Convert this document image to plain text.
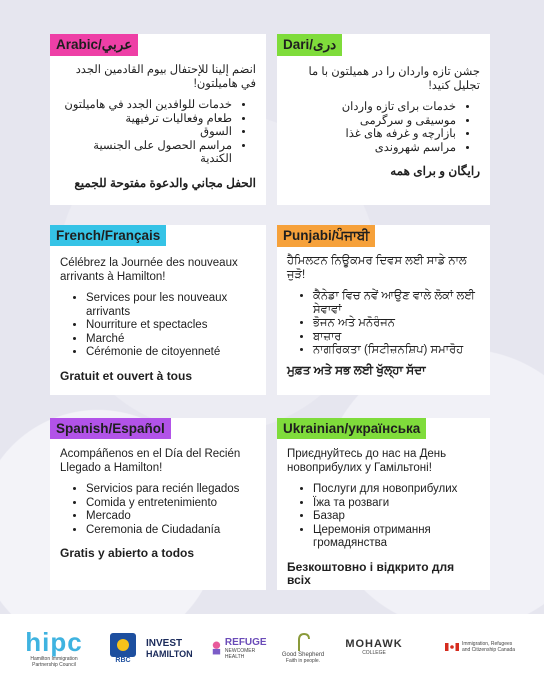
Arabic/عربي

انضم إلينا للإحتفال بيوم القادمين الجدد في هاميلتون!

• خدمات للوافدين الجدد في هاميلتون
• طعام وفعاليات ترفيهية
• السوق
• مراسم الحصول على الجنسية الكندية
الحفل مجاني والدعوة مفتوحة للجميع
Dari/دری

جشن تازه واردان را در همیلتون با ما تجلیل کنید!

• خدمات برای تازه واردان
• موسیقی و سرگرمی
• بازارچه و غرفه های غذا
• مراسم شهروندی
رایگان و برای همه
French/Français

Célébrez la Journée des nouveaux arrivants à Hamilton!

• Services pour les nouveaux arrivants
• Nourriture et spectacles
• Marché
• Cérémonie de citoyenneté
Gratuit et ouvert à tous
Punjabi/ਪੰਜਾਬੀ

ਹੈਮਿਲਟਨ ਨਿਊਕਮਰ ਦਿਵਸ ਲਈ ਸਾਡੇ ਨਾਲ ਜੁੜੋ!

• ਕੈਨੇਡਾ ਵਿਚ ਨਵੇਂ ਆਉਣ ਵਾਲੇ ਲੋਕਾਂ ਲਈ ਸੇਵਾਵਾਂ
• ਭੋਜਨ ਅਤੇ ਮਨੋਰੰਜਨ
• ਬਾਜ਼ਾਰ
• ਨਾਗਰਿਕਤਾ (ਸਿਟੀਜ਼ਨਸ਼ਿਪ) ਸਮਾਰੋਹ
ਮੁਫ਼ਤ ਅਤੇ ਸਭ ਲਈ ਖੁੱਲ੍ਹਾ ਸੱਦਾ
Spanish/Español

Acompáñenos en el Día del Recién Llegado a Hamilton!

• Servicios para recién llegados
• Comida y entretenimiento
• Mercado
• Ceremonia de Ciudadanía
Gratis y abierto a todos
Ukrainian/українська

Приєднуйтесь до нас на День новоприбулих у Гамільтоні!

• Послуги для новоприбулих
• Їжа та розваги
• Базар
• Церемонія отримання громадянства
Безкоштовно і відкрито для всіх
hipc
Hamilton Immigration
Partnership Council
RBC
INVEST
HAMILTON
REFUGE
NEWCOMER HEALTH	Good Shepherd
Faith in people.
MOHAWK
COLLEGE
Immigration, Refugees
and Citizenship Canada
